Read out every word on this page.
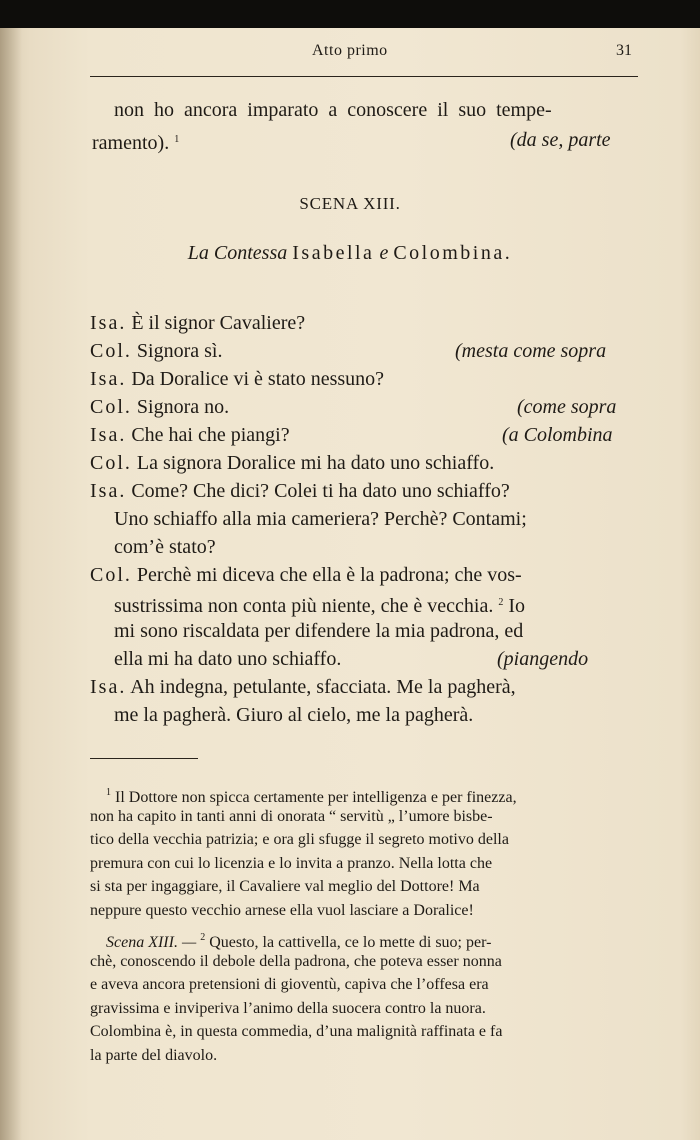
Atto primo	31
non ho ancora imparato a conoscere il suo tempe-
ramento). $^1$	(da se, parte
SCENA XIII.
La Contessa Isabella e Colombina.
Isa. È il signor Cavaliere?
Col. Signora sì.	(mesta come sopra
Isa. Da Doralice vi è stato nessuno?
Col. Signora no.	(come sopra
Isa. Che hai che piangi?	(a Colombina
Col. La signora Doralice mi ha dato uno schiaffo.
Isa. Come? Che dici? Colei ti ha dato uno schiaffo?
Uno schiaffo alla mia cameriera? Perchè? Contami;
com’è stato?
Col. Perchè mi diceva che ella è la padrona; che vos-
sustrissima non conta più niente, che è vecchia. $^2$ Io
mi sono riscaldata per difendere la mia padrona, ed
ella mi ha dato uno schiaffo.	(piangendo
Isa. Ah indegna, petulante, sfacciata. Me la pagherà,
me la pagherà. Giuro al cielo, me la pagherà.
$^1$ Il Dottore non spicca certamente per intelligenza e per finezza,
non ha capito in tanti anni di onorata “ servitù „ l’umore bisbe-
tico della vecchia patrizia; e ora gli sfugge il segreto motivo della
premura con cui lo licenzia e lo invita a pranzo. Nella lotta che
si sta per ingaggiare, il Cavaliere val meglio del Dottore! Ma
neppure questo vecchio arnese ella vuol lasciare a Doralice!
Scena XIII. — $^2$ Questo, la cattivella, ce lo mette di suo; per-
chè, conoscendo il debole della padrona, che poteva esser nonna
e aveva ancora pretensioni di gioventù, capiva che l’offesa era
gravissima e inviperiva l’animo della suocera contro la nuora.
Colombina è, in questa commedia, d’una malignità raffinata e fa
la parte del diavolo.
